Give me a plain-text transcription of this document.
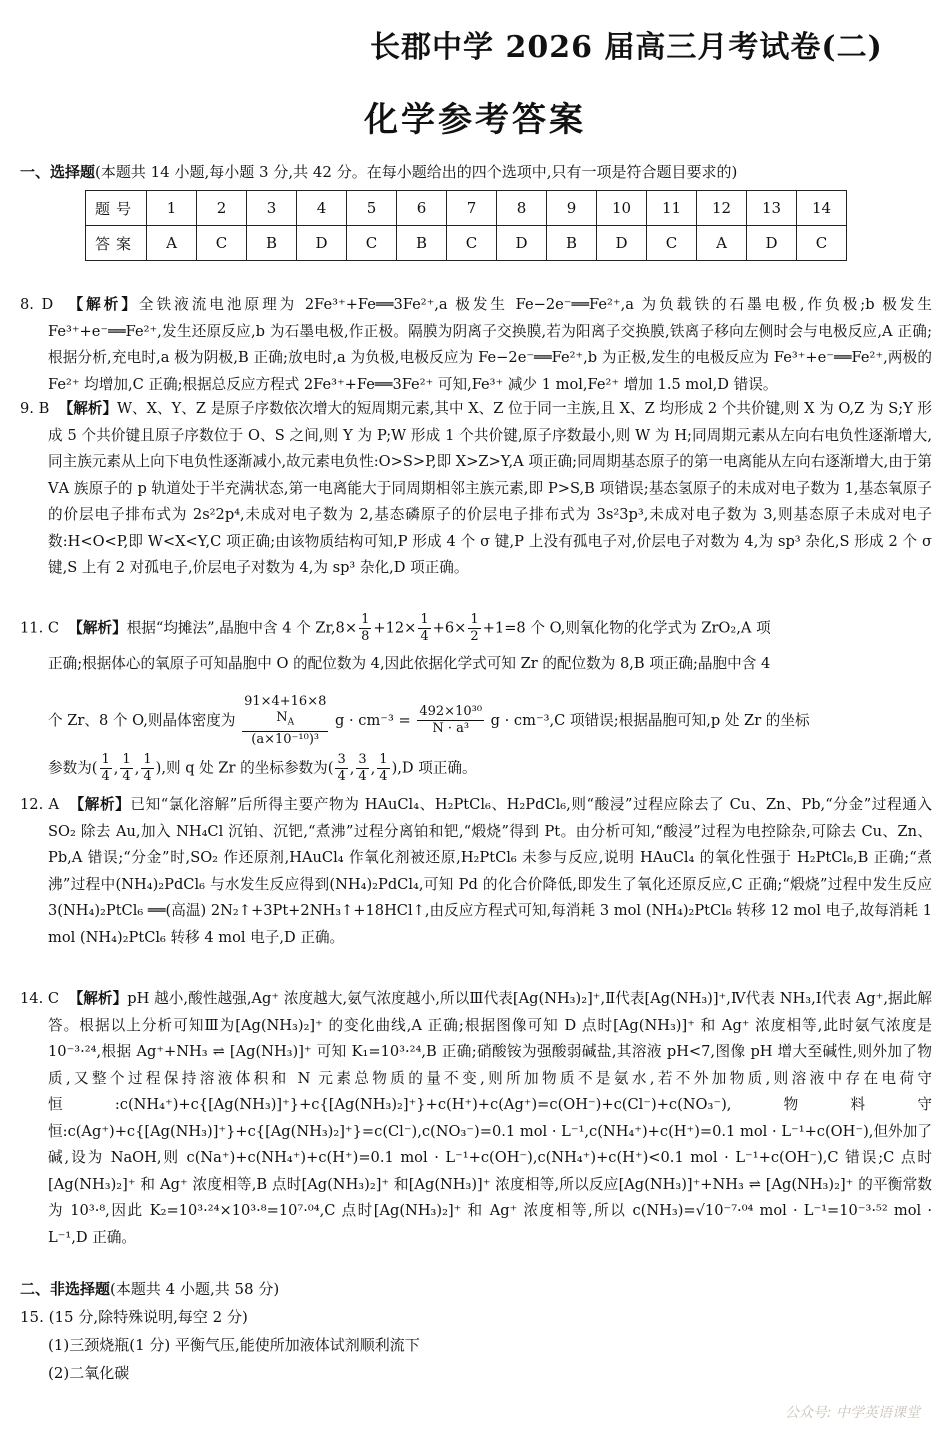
长郡中学 2026 届高三月考试卷(二)
化学参考答案
一、选择题(本题共 14 小题,每小题 3 分,共 42 分。在每小题给出的四个选项中,只有一项是符合题目要求的)
题号	1	2	3	4	5	6	7	8	9	10	11	12	13	14
答案	A	C	B	D	C	B	C	D	B	D	C	A	D	C
8. D 【解析】全铁液流电池原理为 2Fe³⁺+Fe══3Fe²⁺,a 极发生 Fe−2e⁻══Fe²⁺,a 为负载铁的石墨电极,作负极;b 极发生 Fe³⁺+e⁻══Fe²⁺,发生还原反应,b 为石墨电极,作正极。隔膜为阴离子交换膜,若为阳离子交换膜,铁离子移向左侧时会与电极反应,A 正确;根据分析,充电时,a 极为阴极,B 正确;放电时,a 为负极,电极反应为 Fe−2e⁻══Fe²⁺,b 为正极,发生的电极反应为 Fe³⁺+e⁻══Fe²⁺,两极的 Fe²⁺ 均增加,C 正确;根据总反应方程式 2Fe³⁺+Fe══3Fe²⁺ 可知,Fe³⁺ 减少 1 mol,Fe²⁺ 增加 1.5 mol,D 错误。
9. B 【解析】W、X、Y、Z 是原子序数依次增大的短周期元素,其中 X、Z 位于同一主族,且 X、Z 均形成 2 个共价键,则 X 为 O,Z 为 S;Y 形成 5 个共价键且原子序数位于 O、S 之间,则 Y 为 P;W 形成 1 个共价键,原子序数最小,则 W 为 H;同周期元素从左向右电负性逐渐增大,同主族元素从上向下电负性逐渐减小,故元素电负性:O>S>P,即 X>Z>Y,A 项正确;同周期基态原子的第一电离能从左向右逐渐增大,由于第ⅤA 族原子的 p 轨道处于半充满状态,第一电离能大于同周期相邻主族元素,即 P>S,B 项错误;基态氢原子的未成对电子数为 1,基态氧原子的价层电子排布式为 2s²2p⁴,未成对电子数为 2,基态磷原子的价层电子排布式为 3s²3p³,未成对电子数为 3,则基态原子未成对电子数:H<O<P,即 W<X<Y,C 项正确;由该物质结构可知,P 形成 4 个 σ 键,P 上没有孤电子对,价层电子对数为 4,为 sp³ 杂化,S 形成 2 个 σ 键,S 上有 2 对孤电子,价层电子对数为 4,为 sp³ 杂化,D 项正确。
11. C 【解析】根据“均摊法”,晶胞中含 4 个 $Zr,8\times \frac{1}{8} +12\times \frac{1}{4} +6\times \frac{1}{2} +1=8$ 个 O,则氧化物的化学式为 ZrO₂,A 项
正确;根据体心的氧原子可知晶胞中 O 的配位数为 4,因此依据化学式可知 Zr 的配位数为 8,B 项正确;晶胞中含 4
个 Zr、8 个 O,则晶体密度为
91×4+16×8
$N_A$
(a×10⁻¹⁰)³
$g \cdot cm^{-3} = \frac{\text{492×10³⁰}}{\text{N · a³}}$ g · cm⁻³,C 项错误;根据晶胞可知,p 处 Zr 的坐标
参数为( $\frac{1}{4}$ , $\frac{1}{4}$ , $\frac{1}{4}$ ),则 q 处 Zr 的坐标参数为( $\frac{3}{4}$ , $\frac{3}{4}$ , $\frac{1}{4} ),D$ 项正确。
12. A 【解析】已知“氯化溶解”后所得主要产物为 HAuCl₄、H₂PtCl₆、H₂PdCl₆,则“酸浸”过程应除去了 Cu、Zn、Pb,“分金”过程通入 SO₂ 除去 Au,加入 NH₄Cl 沉铂、沉钯,“煮沸”过程分离铂和钯,“煅烧”得到 Pt。由分析可知,“酸浸”过程为电控除杂,可除去 Cu、Zn、Pb,A 错误;“分金”时,SO₂ 作还原剂,HAuCl₄ 作氧化剂被还原,H₂PtCl₆ 未参与反应,说明 HAuCl₄ 的氧化性强于 H₂PtCl₆,B 正确;“煮沸”过程中(NH₄)₂PdCl₆ 与水发生反应得到(NH₄)₂PdCl₄,可知 Pd 的化合价降低,即发生了氧化还原反应,C 正确;“煅烧”过程中发生反应 3(NH₄)₂PtCl₆ ══(高温) 2N₂↑+3Pt+2NH₃↑+18HCl↑,由反应方程式可知,每消耗 3 mol (NH₄)₂PtCl₆ 转移 12 mol 电子,故每消耗 1 mol (NH₄)₂PtCl₆ 转移 4 mol 电子,D 正确。
14. C 【解析】pH 越小,酸性越强,Ag⁺ 浓度越大,氨气浓度越小,所以Ⅲ代表[Ag(NH₃)₂]⁺,Ⅱ代表[Ag(NH₃)]⁺,Ⅳ代表 NH₃,Ⅰ代表 Ag⁺,据此解答。根据以上分析可知Ⅲ为[Ag(NH₃)₂]⁺ 的变化曲线,A 正确;根据图像可知 D 点时[Ag(NH₃)]⁺ 和 Ag⁺ 浓度相等,此时氨气浓度是 10⁻³·²⁴,根据 Ag⁺+NH₃ ⇌ [Ag(NH₃)]⁺ 可知 K₁=10³·²⁴,B 正确;硝酸铵为强酸弱碱盐,其溶液 pH<7,图像 pH 增大至碱性,则外加了物质,又整个过程保持溶液体积和 N 元素总物质的量不变,则所加物质不是氨水,若不外加物质,则溶液中存在电荷守恒:c(NH₄⁺)+c{[Ag(NH₃)]⁺}+c{[Ag(NH₃)₂]⁺}+c(H⁺)+c(Ag⁺)=c(OH⁻)+c(Cl⁻)+c(NO₃⁻),物料守恒:c(Ag⁺)+c{[Ag(NH₃)]⁺}+c{[Ag(NH₃)₂]⁺}=c(Cl⁻),c(NO₃⁻)=0.1 mol · L⁻¹,c(NH₄⁺)+c(H⁺)=0.1 mol · L⁻¹+c(OH⁻),但外加了碱,设为 NaOH,则 c(Na⁺)+c(NH₄⁺)+c(H⁺)=0.1 mol · L⁻¹+c(OH⁻),c(NH₄⁺)+c(H⁺)<0.1 mol · L⁻¹+c(OH⁻),C 错误;C 点时[Ag(NH₃)₂]⁺ 和 Ag⁺ 浓度相等,B 点时[Ag(NH₃)₂]⁺ 和[Ag(NH₃)]⁺ 浓度相等,所以反应[Ag(NH₃)]⁺+NH₃ ⇌ [Ag(NH₃)₂]⁺ 的平衡常数为 10³·⁸,因此 K₂=10³·²⁴×10³·⁸=10⁷·⁰⁴,C 点时[Ag(NH₃)₂]⁺ 和 Ag⁺ 浓度相等,所以 c(NH₃)=√10⁻⁷·⁰⁴ mol · L⁻¹=10⁻³·⁵² mol · L⁻¹,D 正确。
二、非选择题(本题共 4 小题,共 58 分)
15. (15 分,除特殊说明,每空 2 分)
(1)三颈烧瓶(1 分) 平衡气压,能使所加液体试剂顺利流下
(2)二氧化碳
公众号: 中学英语课堂
